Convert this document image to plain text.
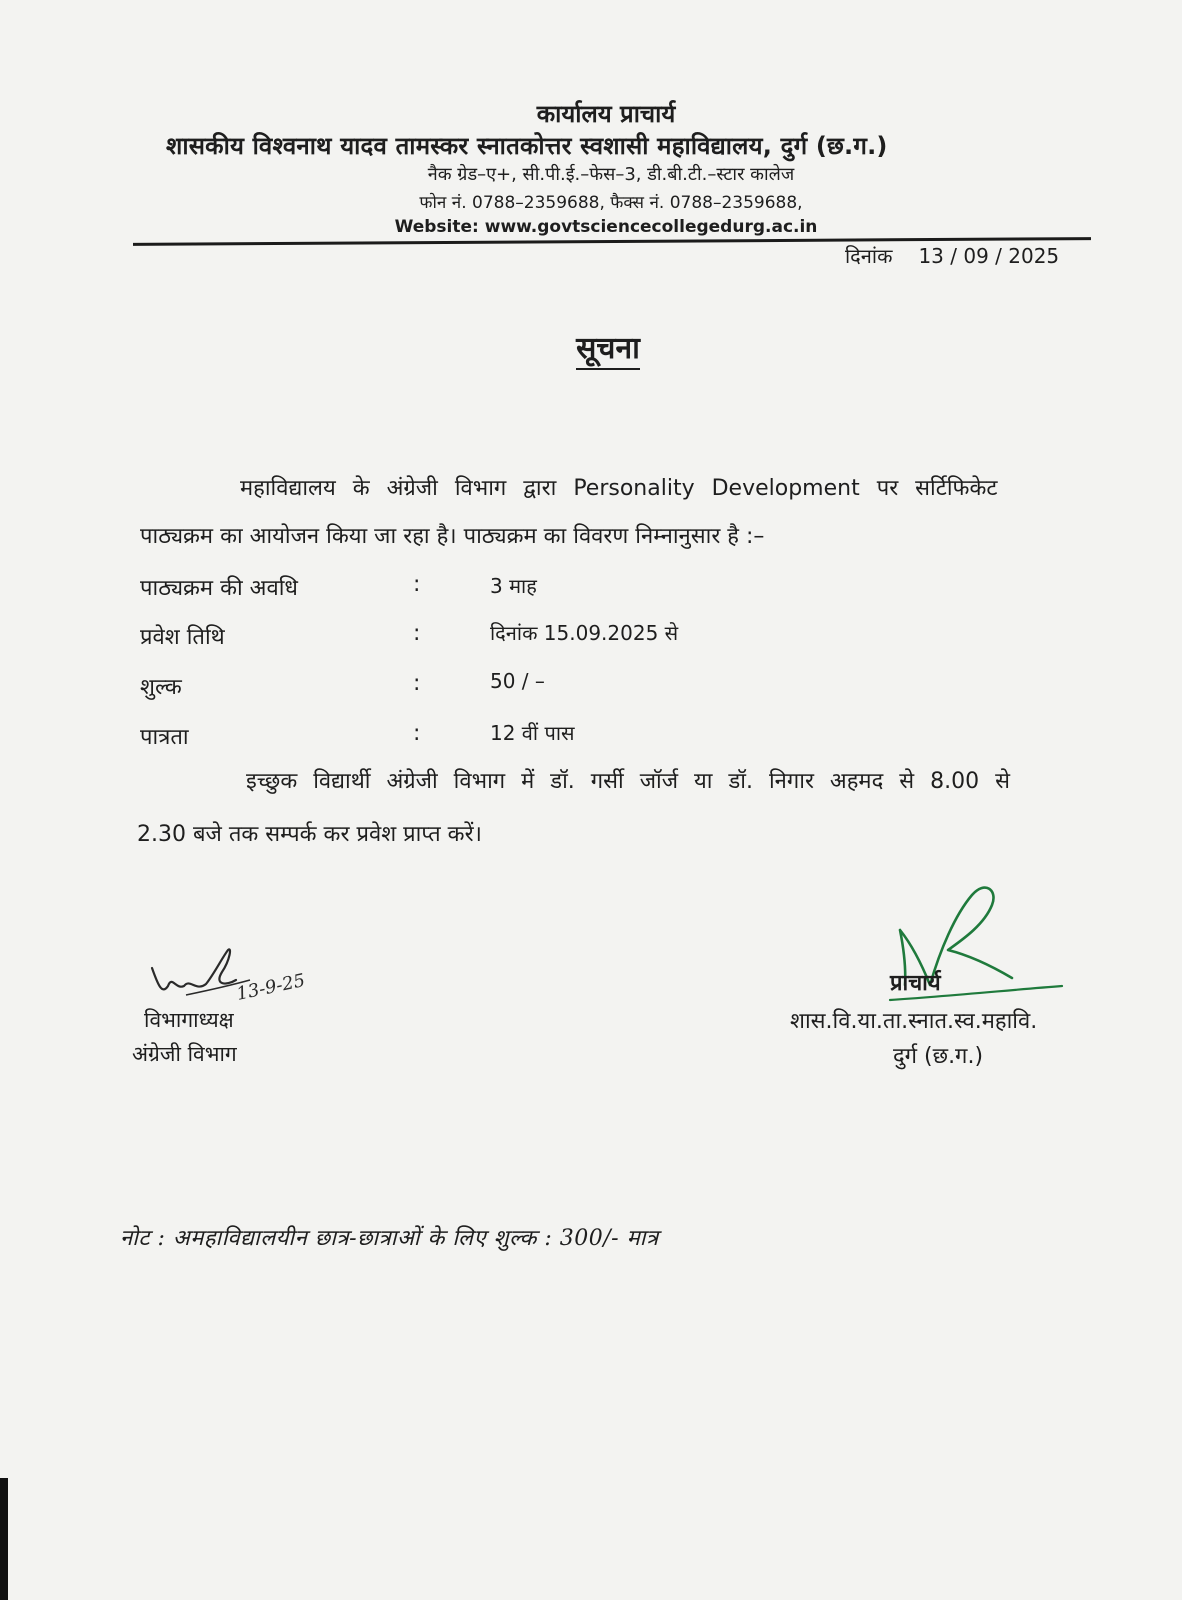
कार्यालय प्राचार्य
शासकीय विश्वनाथ यादव तामस्कर स्नातकोत्तर स्वशासी महाविद्यालय, दुर्ग (छ.ग.)
नैक ग्रेड–ए+, सी.पी.ई.–फेस–3, डी.बी.टी.–स्टार कालेज
फोन नं. 0788–2359688, फैक्स नं. 0788–2359688,
Website: www.govtsciencecollegedurg.ac.in
दिनांक 13 / 09 / 2025
सूचना
महाविद्यालय के अंग्रेजी विभाग द्वारा Personality Development पर सर्टिफिकेट
पाठ्यक्रम का आयोजन किया जा रहा है। पाठ्यक्रम का विवरण निम्नानुसार है :–
पाठ्यक्रम की अवधि	:	3 माह
प्रवेश तिथि	:	दिनांक 15.09.2025 से
शुल्क	:	50 / –
पात्रता	:	12 वीं पास
इच्छुक विद्यार्थी अंग्रेजी विभाग में डॉ. गर्सी जॉर्ज या डॉ. निगार अहमद से 8.00 से
2.30 बजे तक सम्पर्क कर प्रवेश प्राप्त करें।
13-9-25
विभागाध्यक्ष
अंग्रेजी विभाग
प्राचार्य
शास.वि.या.ता.स्नात.स्व.महावि.
दुर्ग (छ.ग.)
नोट : अमहाविद्यालयीन छात्र-छात्राओं के लिए शुल्क : 300/- मात्र
